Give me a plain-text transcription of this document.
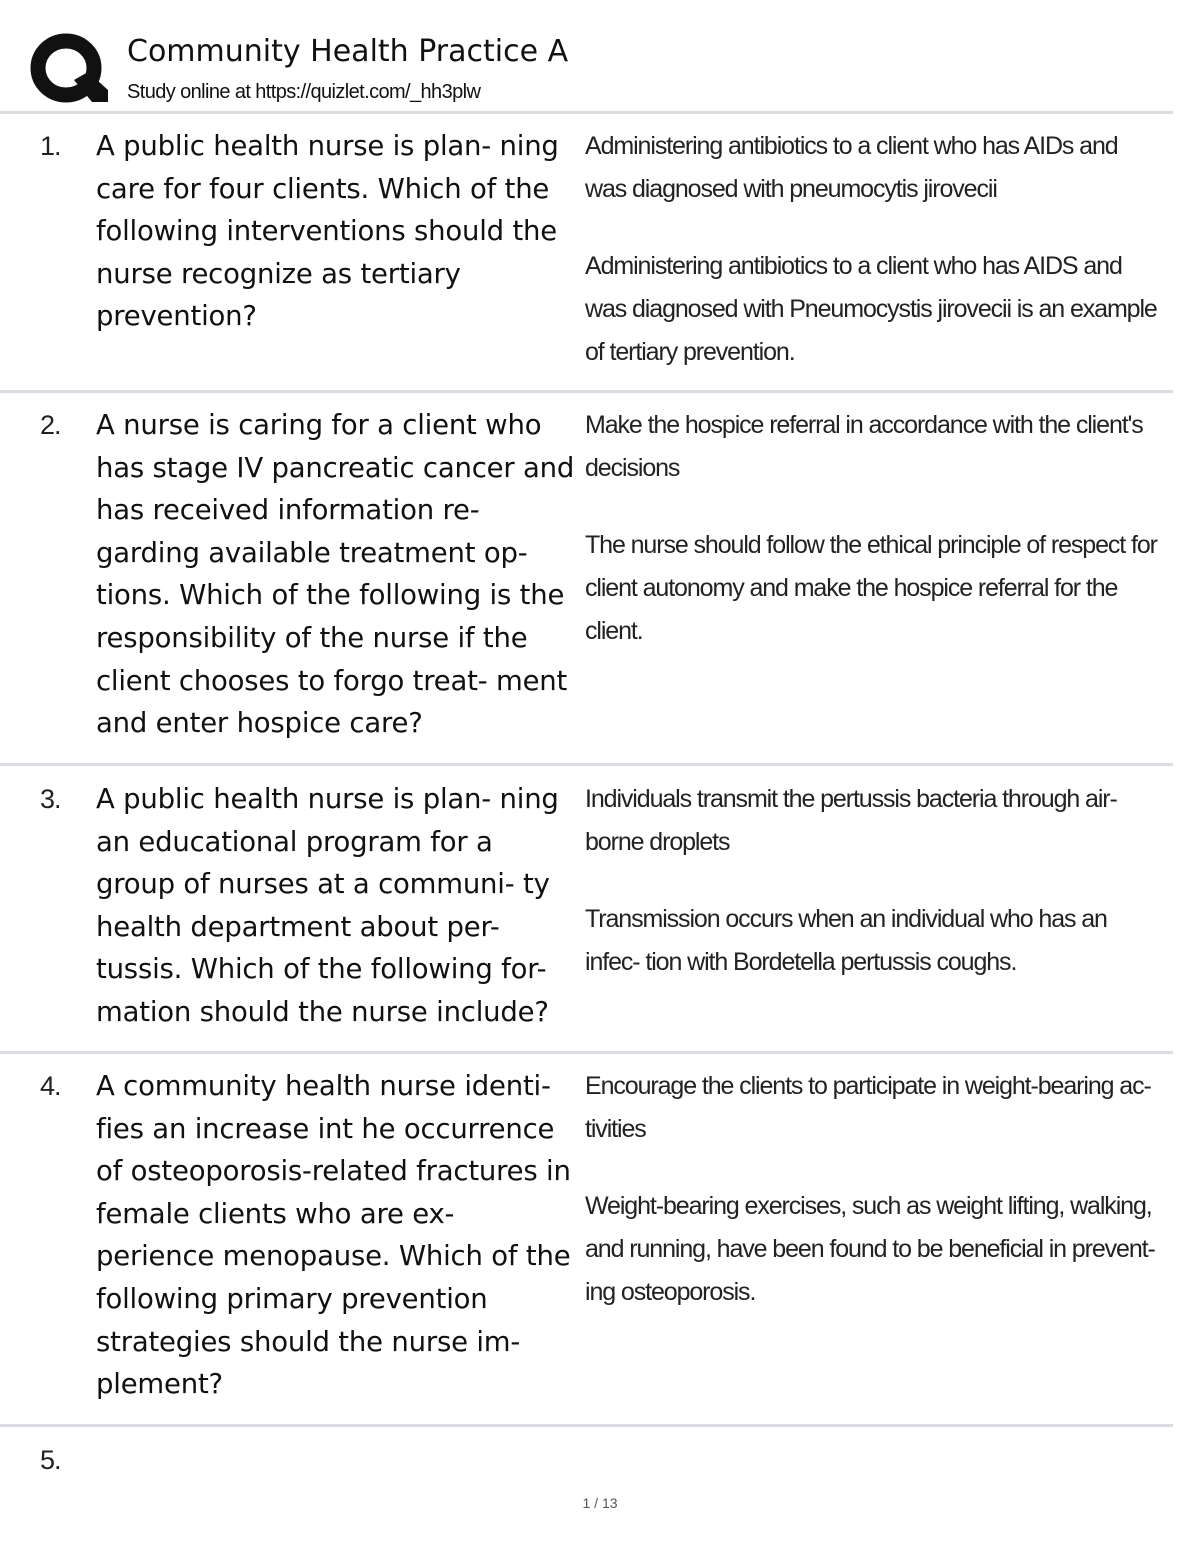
Community Health Practice A
Study online at https://quizlet.com/_hh3plw
1. A public health nurse is plan- ning care for four clients. Which of the following interventions should the nurse recognize as tertiary prevention?

Administering antibiotics to a client who has AIDs and was diagnosed with pneumocytis jirovecii

Administering antibiotics to a client who has AIDS and was diagnosed with Pneumocystis jirovecii is an example of tertiary prevention.

2. A nurse is caring for a client who has stage IV pancreatic cancer and has received information re- garding available treatment op- tions. Which of the following is the responsibility of the nurse if the client chooses to forgo treat- ment and enter hospice care?

Make the hospice referral in accordance with the client's decisions

The nurse should follow the ethical principle of respect for client autonomy and make the hospice referral for the client.

3. A public health nurse is plan- ning an educational program for a group of nurses at a communi- ty health department about per- tussis. Which of the following for- mation should the nurse include?

Individuals transmit the pertussis bacteria through air- borne droplets

Transmission occurs when an individual who has an infec- tion with Bordetella pertussis coughs.

4. A community health nurse identi- fies an increase int he occurrence of osteoporosis-related fractures in female clients who are ex- perience menopause. Which of the following primary prevention strategies should the nurse im- plement?

Encourage the clients to participate in weight-bearing ac- tivities

Weight-bearing exercises, such as weight lifting, walking, and running, have been found to be beneficial in prevent- ing osteoporosis.

5.

1 / 13
